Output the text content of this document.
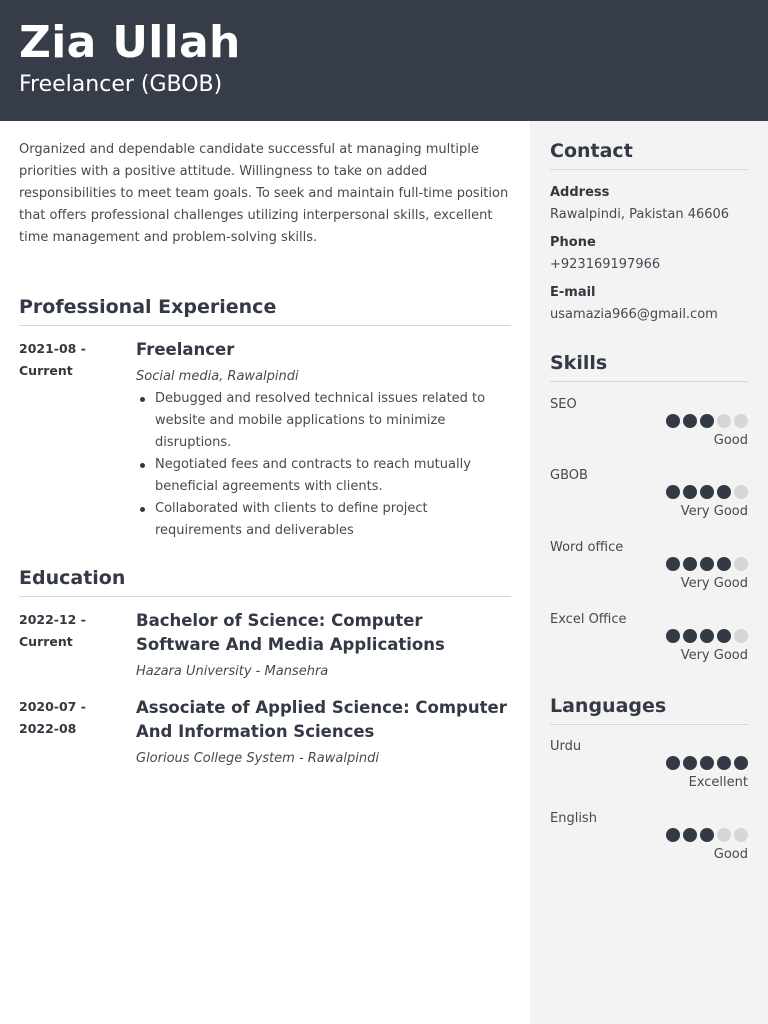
Zia Ullah
Freelancer (GBOB)
Organized and dependable candidate successful at managing multiple priorities with a positive attitude. Willingness to take on added responsibilities to meet team goals. To seek and maintain full-time position that offers professional challenges utilizing interpersonal skills, excellent time management and problem-solving skills.
Professional Experience
2021-08 -
Current
Freelancer
Social media, Rawalpindi
Debugged and resolved technical issues related to website and mobile applications to minimize disruptions.
Negotiated fees and contracts to reach mutually beneficial agreements with clients.
Collaborated with clients to define project requirements and deliverables
Education
2022-12 -
Current
Bachelor of Science: Computer Software And Media Applications
Hazara University - Mansehra
2020-07 -
2022-08
Associate of Applied Science: Computer And Information Sciences
Glorious College System - Rawalpindi
Contact
Address
Rawalpindi, Pakistan 46606
Phone
+923169197966
E-mail
usamazia966@gmail.com
Skills
SEO
Good
GBOB
Very Good
Word office
Very Good
Excel Office
Very Good
Languages
Urdu
Excellent
English
Good
